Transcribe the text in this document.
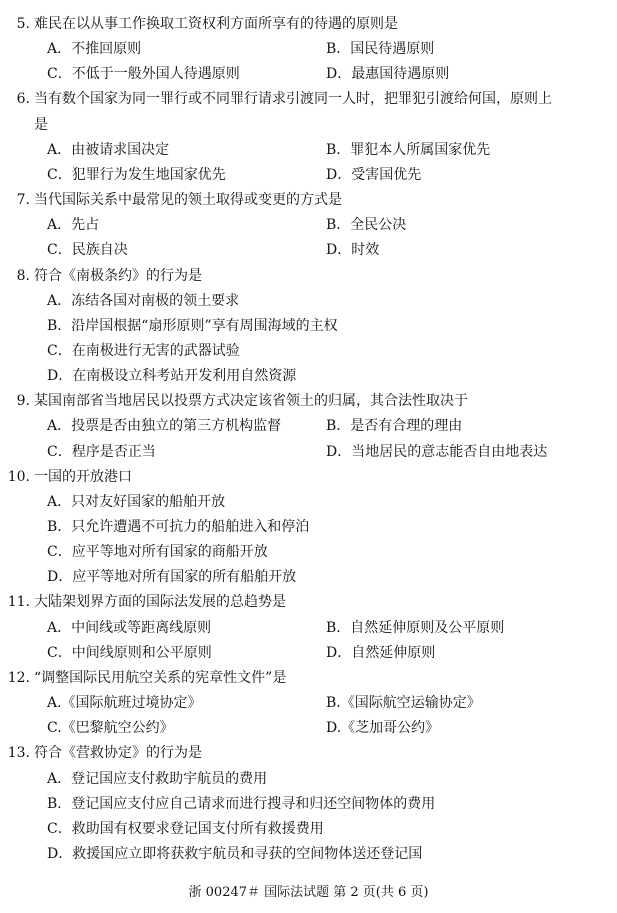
5. 难民在以从事工作换取工资权利方面所享有的待遇的原则是
A．不推回原则	B．国民待遇原则
C．不低于一般外国人待遇原则	D．最惠国待遇原则
6. 当有数个国家为同一罪行或不同罪行请求引渡同一人时，把罪犯引渡给何国，原则上
是
A．由被请求国决定	B．罪犯本人所属国家优先
C．犯罪行为发生地国家优先	D．受害国优先
7. 当代国际关系中最常见的领土取得或变更的方式是
A．先占	B．全民公决
C．民族自决	D．时效
8. 符合《南极条约》的行为是
A．冻结各国对南极的领土要求
B．沿岸国根据“扇形原则”享有周围海域的主权
C．在南极进行无害的武器试验
D．在南极设立科考站开发利用自然资源
9. 某国南部省当地居民以投票方式决定该省领土的归属，其合法性取决于
A．投票是否由独立的第三方机构监督	B．是否有合理的理由
C．程序是否正当	D．当地居民的意志能否自由地表达
10. 一国的开放港口
A．只对友好国家的船舶开放
B．只允许遭遇不可抗力的船舶进入和停泊
C．应平等地对所有国家的商船开放
D．应平等地对所有国家的所有船舶开放
11. 大陆架划界方面的国际法发展的总趋势是
A．中间线或等距离线原则	B．自然延伸原则及公平原则
C．中间线原则和公平原则	D．自然延伸原则
12. “调整国际民用航空关系的宪章性文件”是
A.《国际航班过境协定》	B.《国际航空运输协定》
C.《巴黎航空公约》	D.《芝加哥公约》
13. 符合《营救协定》的行为是
A．登记国应支付救助宇航员的费用
B．登记国应支付应自己请求而进行搜寻和归还空间物体的费用
C．救助国有权要求登记国支付所有救援费用
D．救援国应立即将获救宇航员和寻获的空间物体送还登记国
浙 00247＃ 国际法试题 第 2 页(共 6 页)
